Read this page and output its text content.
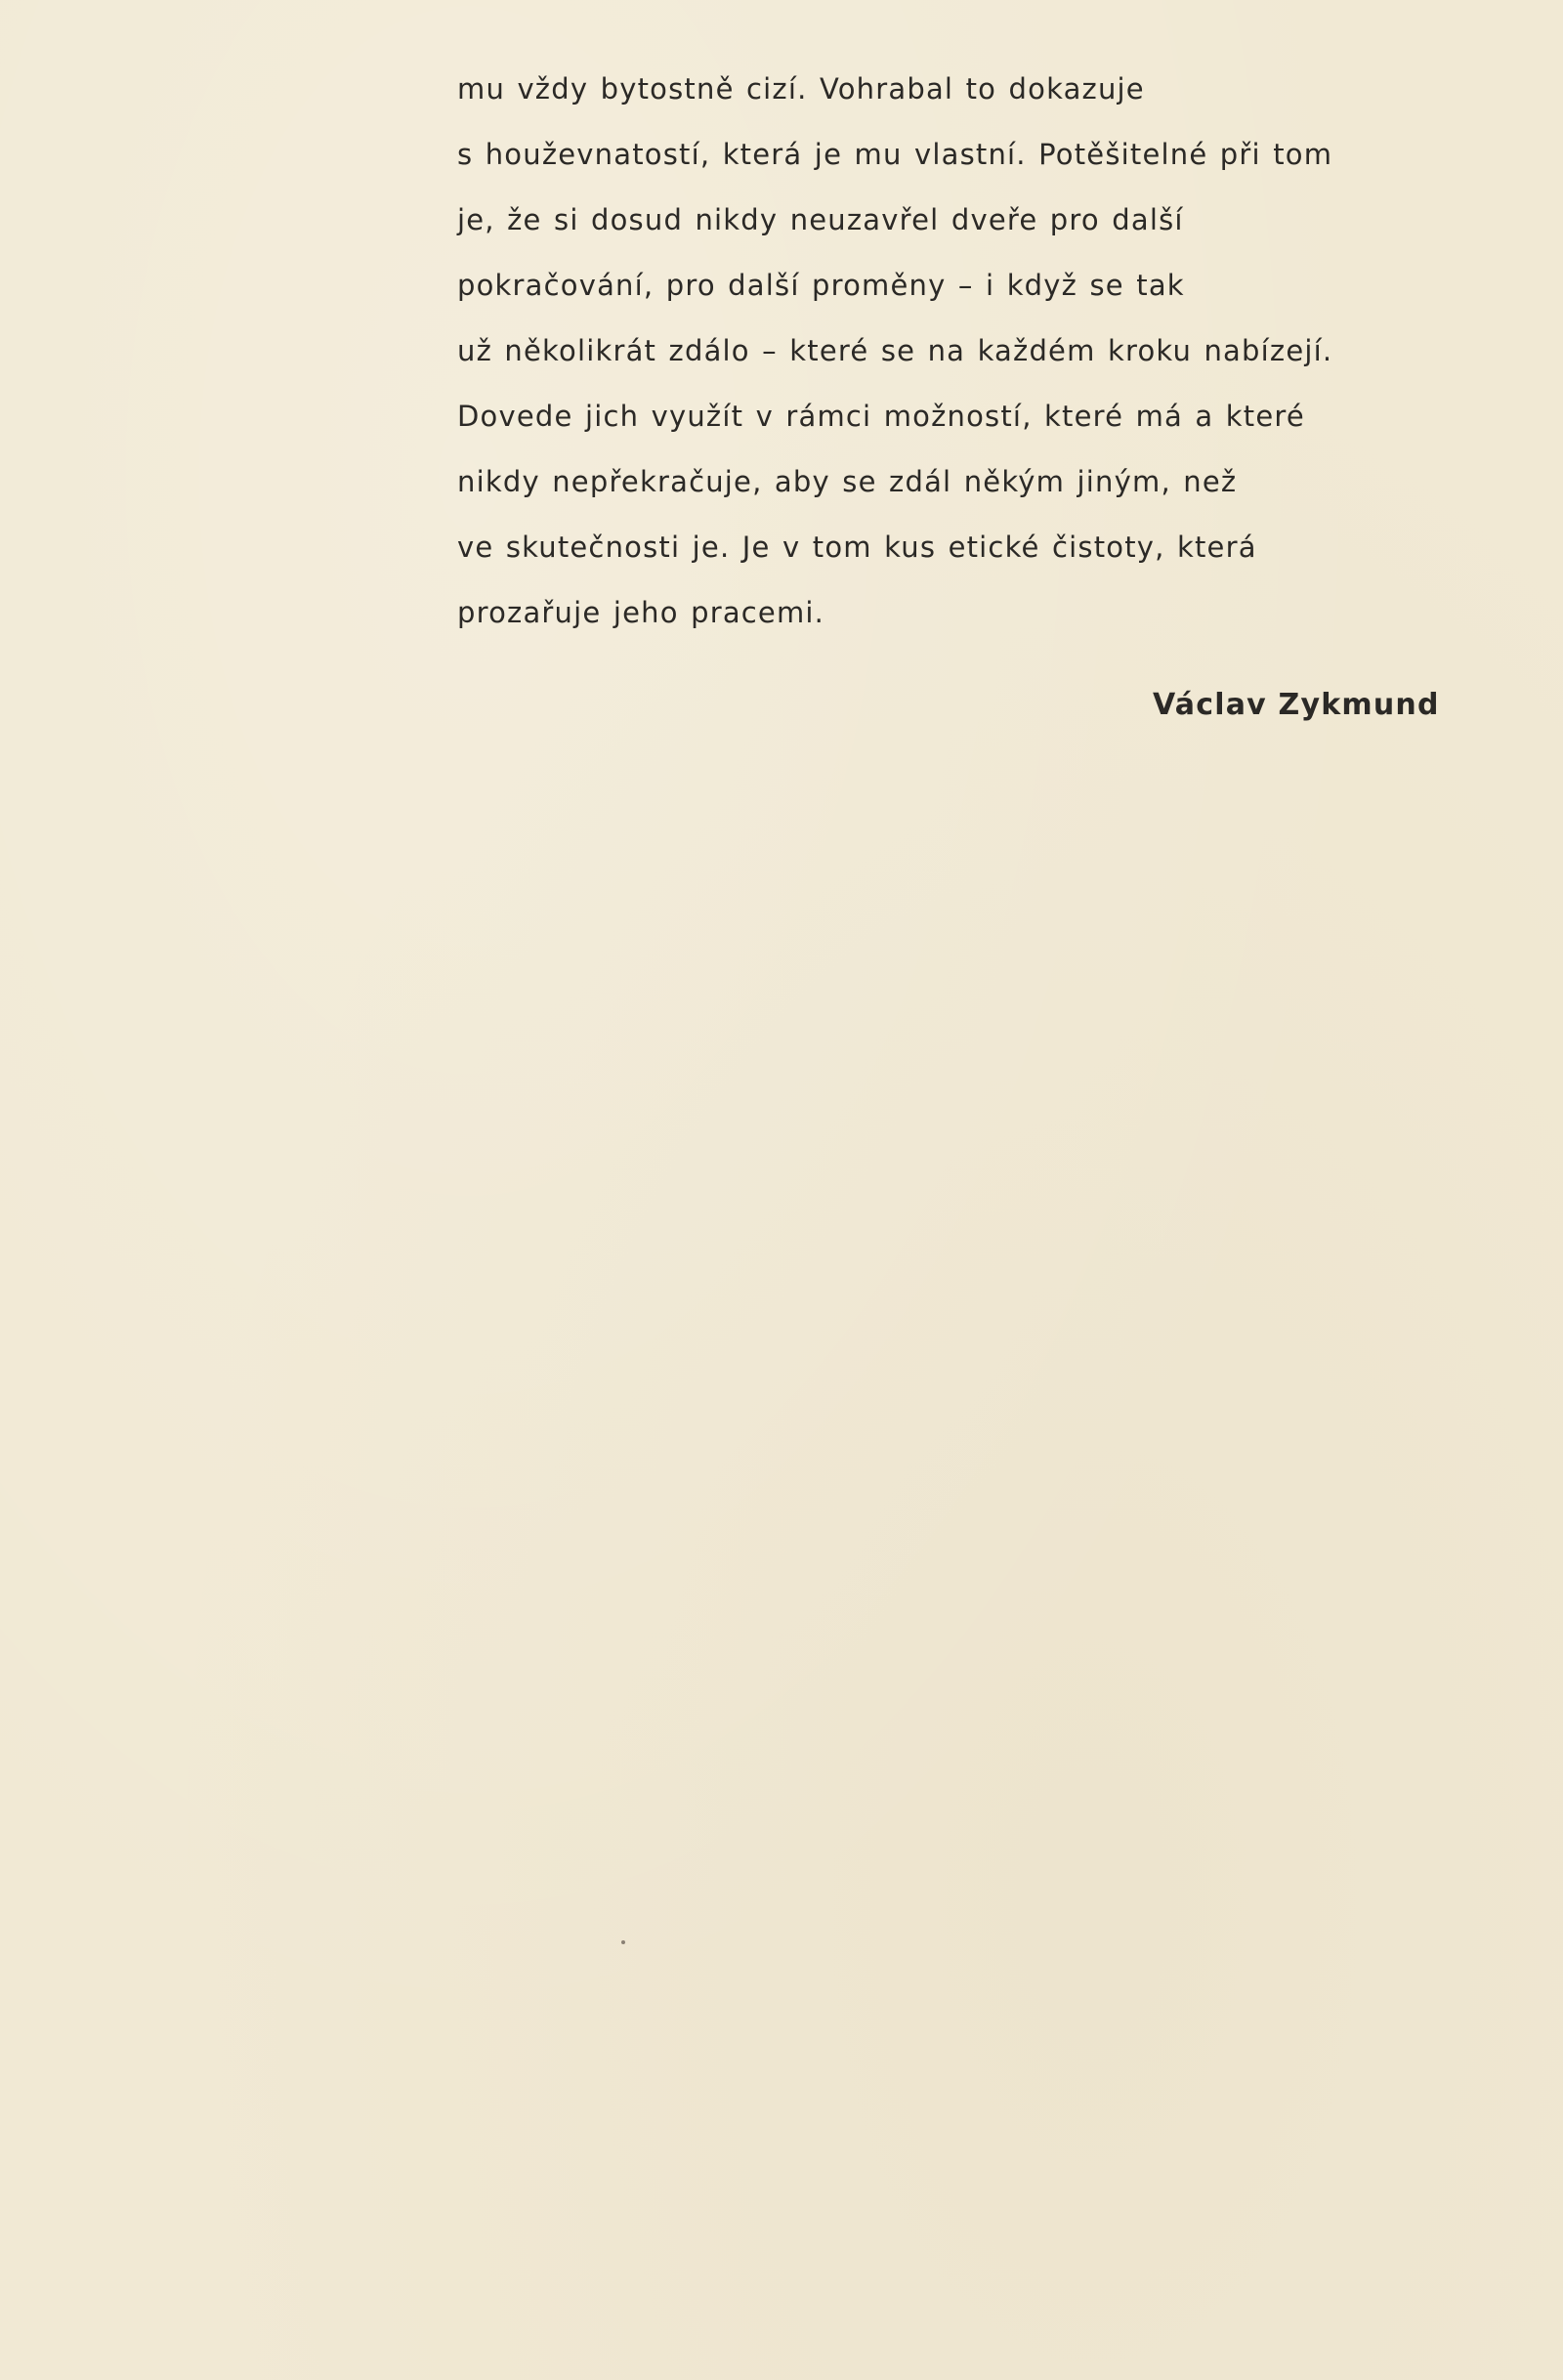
mu vždy bytostně cizí. Vohrabal to dokazuje
s houževnatostí, která je mu vlastní. Potěšitelné při tom
je, že si dosud nikdy neuzavřel dveře pro další
pokračování, pro další proměny – i když se tak
už několikrát zdálo – které se na každém kroku nabízejí.
Dovede jich využít v rámci možností, které má a které
nikdy nepřekračuje, aby se zdál někým jiným, než
ve skutečnosti je. Je v tom kus etické čistoty, která
prozařuje jeho pracemi.
Václav Zykmund
